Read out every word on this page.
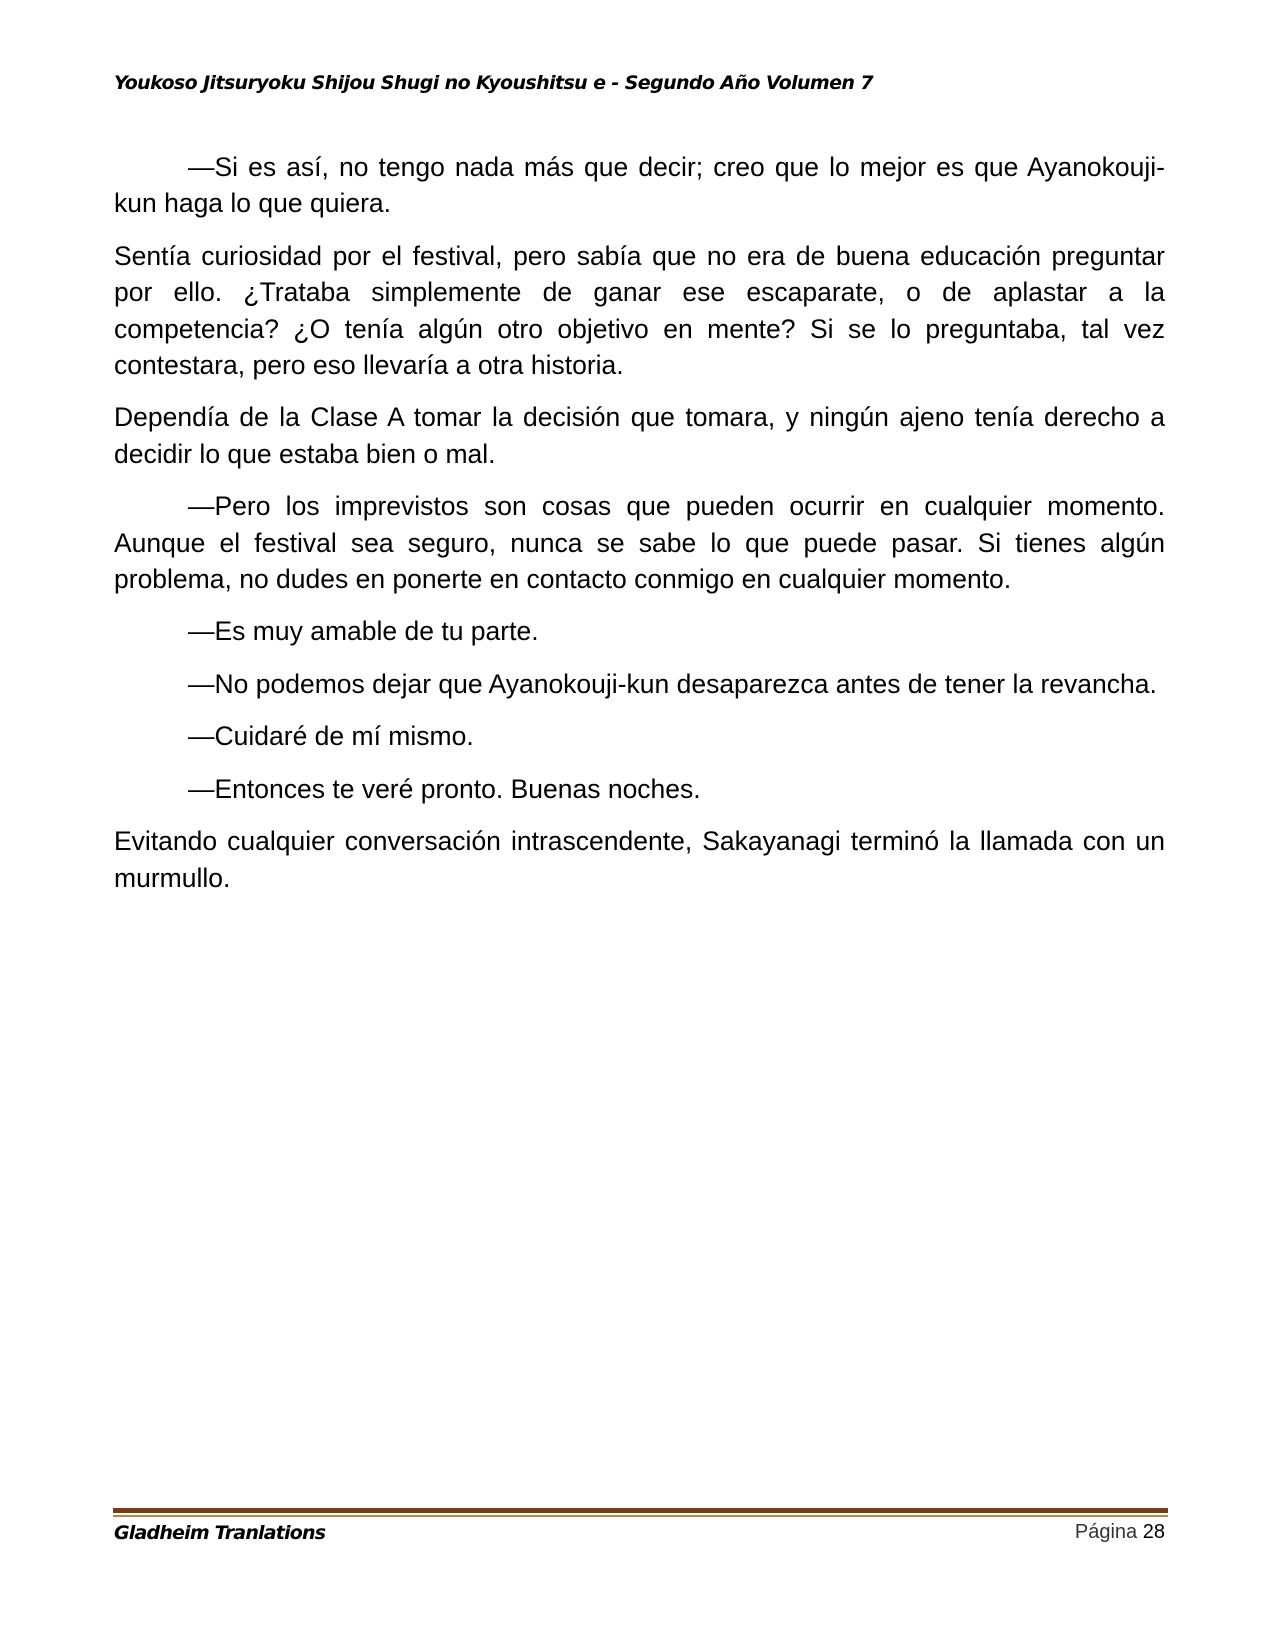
Youkoso Jitsuryoku Shijou Shugi no Kyoushitsu e - Segundo Año Volumen 7

—Si es así, no tengo nada más que decir; creo que lo mejor es que Ayanokouji-kun haga lo que quiera.

Sentía curiosidad por el festival, pero sabía que no era de buena educación preguntar por ello. ¿Trataba simplemente de ganar ese escaparate, o de aplastar a la competencia? ¿O tenía algún otro objetivo en mente? Si se lo preguntaba, tal vez contestara, pero eso llevaría a otra historia.

Dependía de la Clase A tomar la decisión que tomara, y ningún ajeno tenía derecho a decidir lo que estaba bien o mal.

—Pero los imprevistos son cosas que pueden ocurrir en cualquier momento. Aunque el festival sea seguro, nunca se sabe lo que puede pasar. Si tienes algún problema, no dudes en ponerte en contacto conmigo en cualquier momento.

—Es muy amable de tu parte.

—No podemos dejar que Ayanokouji-kun desaparezca antes de tener la revancha.

—Cuidaré de mí mismo.

—Entonces te veré pronto. Buenas noches.

Evitando cualquier conversación intrascendente, Sakayanagi terminó la llamada con un murmullo.

Gladheim Tranlations	Página 28
